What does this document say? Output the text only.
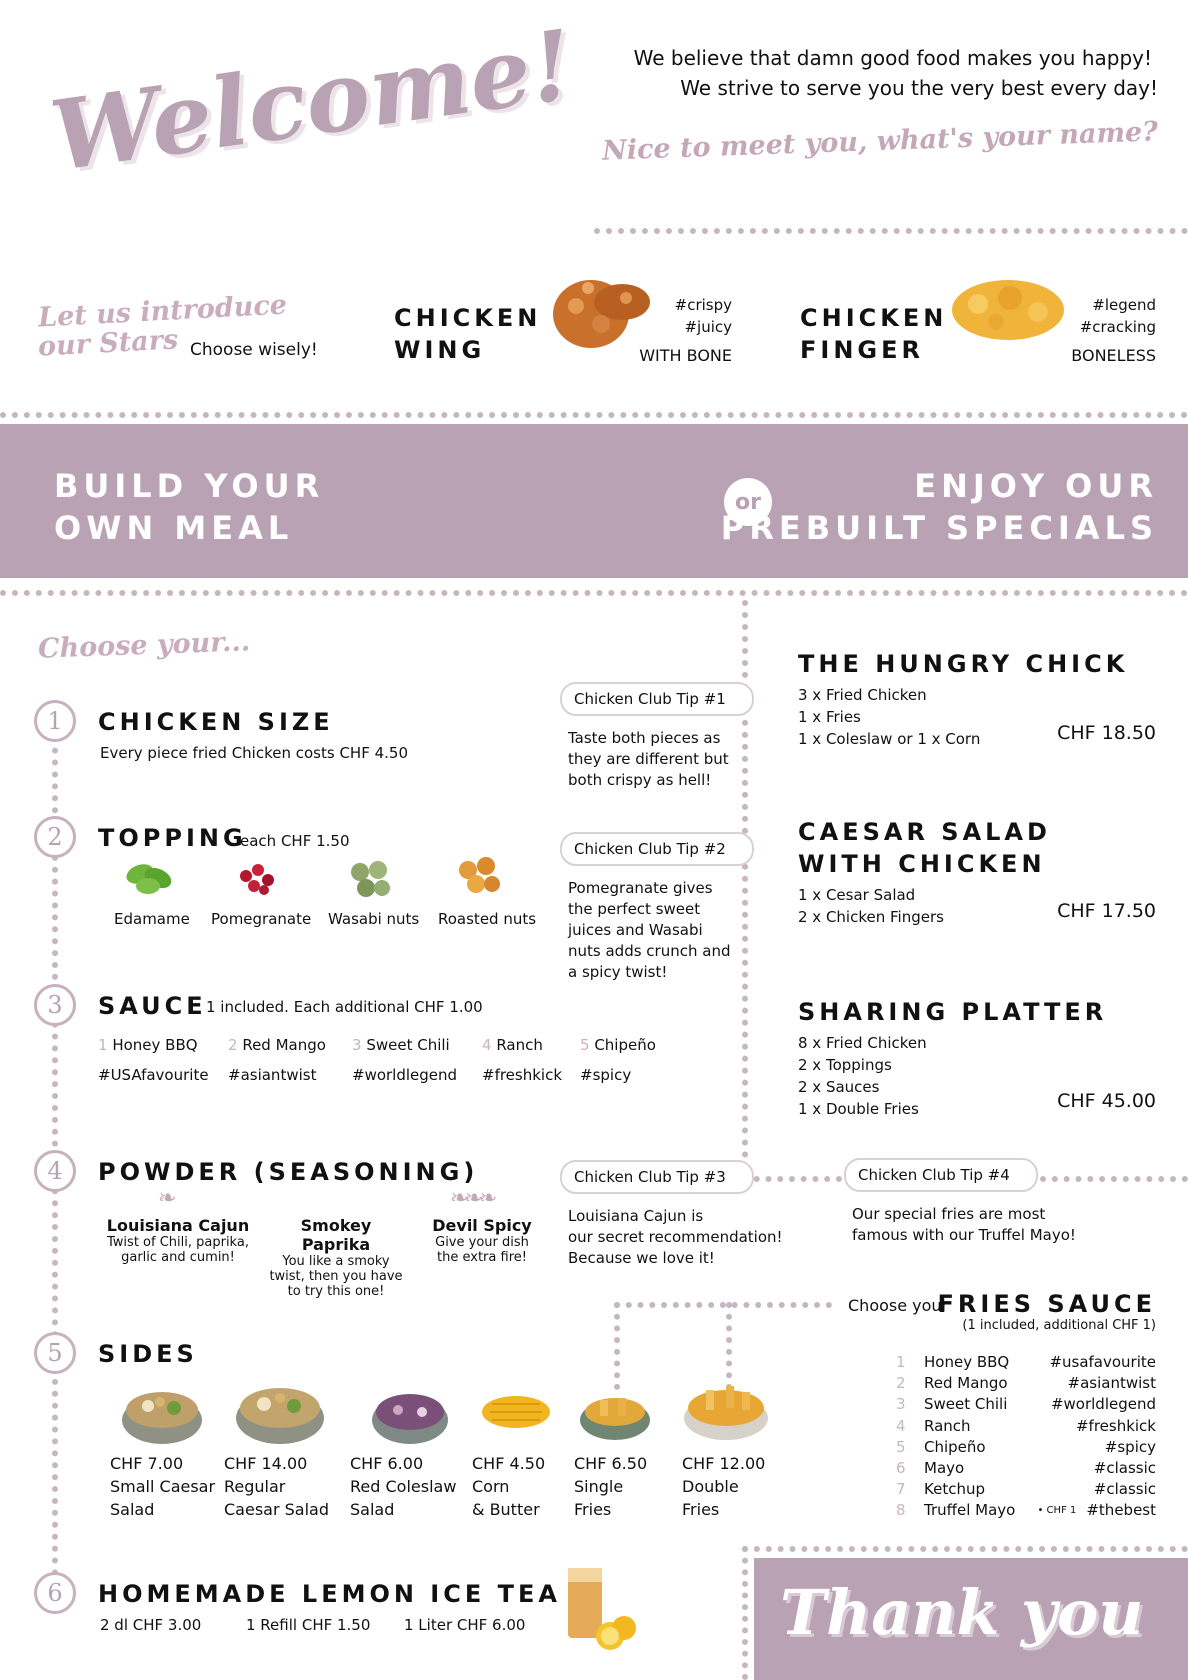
Welcome!	We believe that damn good food makes you happy!
We strive to serve you the very best every day!
Nice to meet you, what's your name?
Let us introduce
our Stars Choose wisely!
CHICKEN
WING
#crispy
#juicy
WITH BONE
CHICKEN
FINGER
#legend
#cracking
BONELESS
BUILD YOUR
OWN MEAL
or	ENJOY OUR
PREBUILT SPECIALS
Choose your...
1 CHICKEN SIZE
Every piece fried Chicken costs CHF 4.50
2 TOPPING
each CHF 1.50
Edamame Pomegranate Wasabi nuts Roasted nuts
3 SAUCE 1 included. Each additional CHF 1.00
1 Honey BBQ 2 Red Mango 3 Sweet Chili 4 Ranch 5 Chipeño
#USAfavourite #asiantwist #worldlegend #freshkick #spicy
4 POWDER (SEASONING)
❧	❧❧❧
Louisiana Cajun
Twist of Chili, paprika,
garlic and cumin!
Smokey Paprika
You like a smoky
twist, then you have
to try this one!
Devil Spicy
Give your dish
the extra fire!
5 SIDES
CHF 7.00
Small Caesar
Salad
CHF 14.00
Regular
Caesar Salad
CHF 6.00
Red Coleslaw
Salad
CHF 4.50
Corn
& Butter
CHF 6.50
Single
Fries
CHF 12.00
Double
Fries
6 HOMEMADE LEMON ICE TEA
2 dl CHF 3.00	1 Refill CHF 1.50 1 Liter CHF 6.00
Chicken Club Tip #1
Taste both pieces as
they are different but
both crispy as hell!
Chicken Club Tip #2
Pomegranate gives
the perfect sweet
juices and Wasabi
nuts adds crunch and
a spicy twist!
Chicken Club Tip #3
Louisiana Cajun is
our secret recommendation!
Because we love it!
Chicken Club Tip #4
Our special fries are most
famous with our Truffel Mayo!
THE HUNGRY CHICK
3 x Fried Chicken
1 x Fries
1 x Coleslaw or 1 x Corn	CHF 18.50
CAESAR SALAD
WITH CHICKEN
1 x Cesar Salad
2 x Chicken Fingers	CHF 17.50
SHARING PLATTER
8 x Fried Chicken
2 x Toppings
2 x Sauces
1 x Double Fries	CHF 45.00
Choose your
FRIES SAUCE
(1 included, additional CHF 1)
1	Honey BBQ	#usafavourite
2	Red Mango	#asiantwist
3	Sweet Chili	#worldlegend
4	Ranch	#freshkick
5	Chipeño	#spicy
6	Mayo	#classic
7	Ketchup	#classic
8	Truffel Mayo	• CHF 1 #thebest
Thank you
